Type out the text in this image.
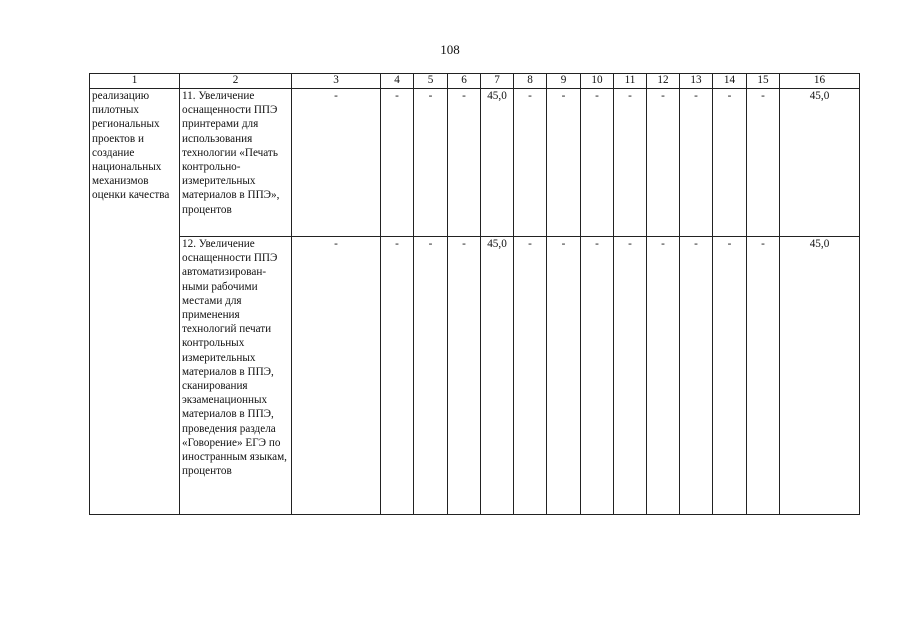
108
1	2	3	4	5	6	7	8	9	10	11	12	13	14	15	16
реализацию пилотных региональных проектов и создание национальных механизмов оценки качества	11. Увеличение оснащенности ППЭ принтерами для использования технологии «Печать контрольно-измерительных материалов в ППЭ», процентов	-	-	-	-	45,0	-	-	-	-	-	-	-	-	45,0
	12. Увеличение оснащенности ППЭ автоматизирован-ными рабочими местами для применения технологий печати контрольных измерительных материалов в ППЭ, сканирования экзаменационных материалов в ППЭ, проведения раздела «Говорение» ЕГЭ по иностранным языкам, процентов	-	-	-	-	45,0	-	-	-	-	-	-	-	-	45,0
